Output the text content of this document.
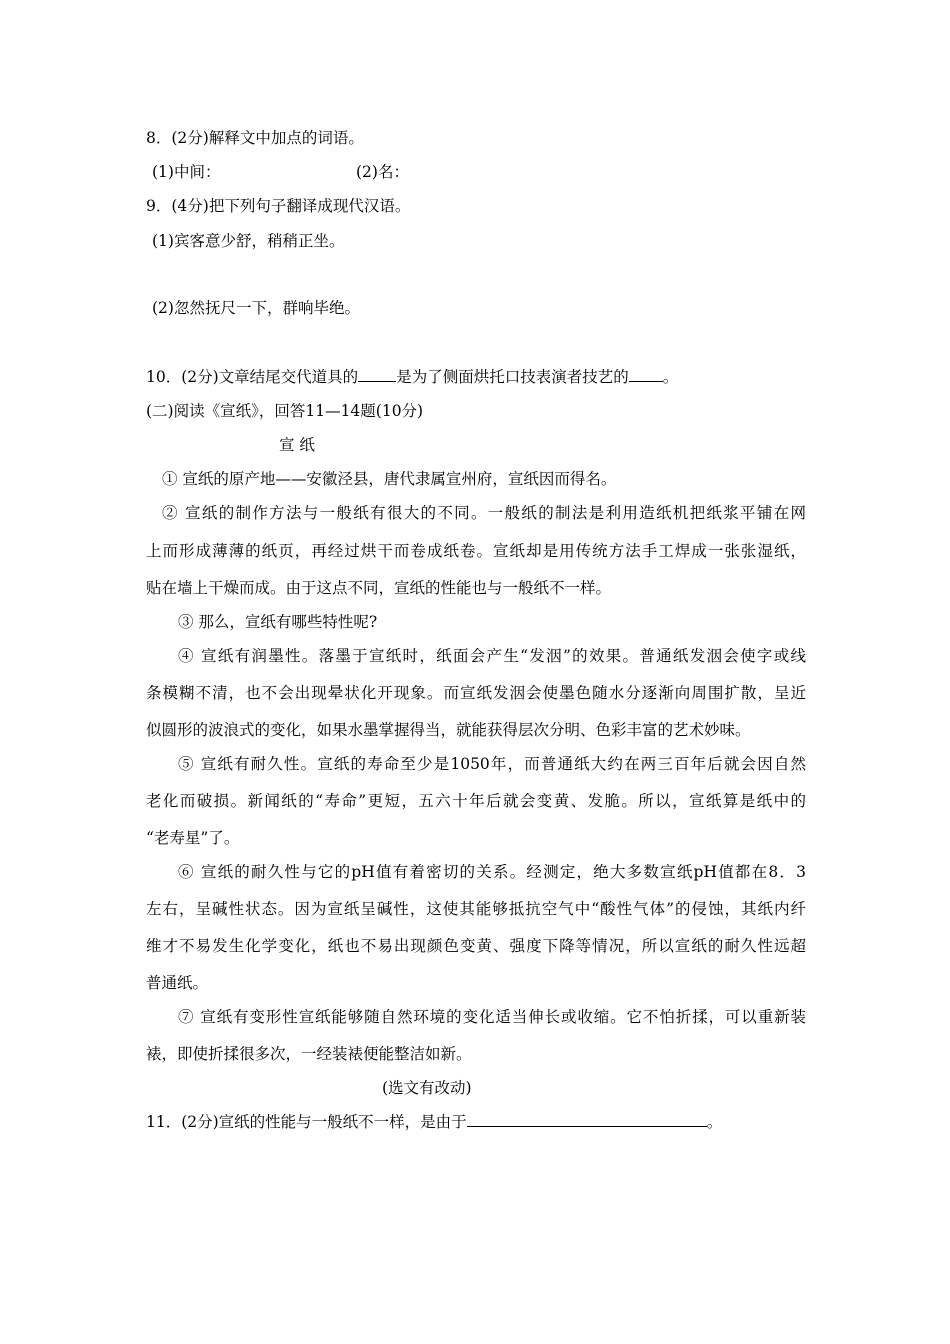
8．(2分)解释文中加点的词语。
(1)中间：	(2)名：
9．(4分)把下列句子翻译成现代汉语。
(1)宾客意少舒，稍稍正坐。
(2)忽然抚尺一下，群响毕绝。
10．(2分)文章结尾交代道具的 是为了侧面烘托口技表演者技艺的 。
(二)阅读《宣纸》，回答11—14题(10分)
宣 纸
① 宣纸的原产地——安徽泾县，唐代隶属宣州府，宣纸因而得名。
② 宣纸的制作方法与一般纸有很大的不同。一般纸的制法是利用造纸机把纸浆平铺在网
上而形成薄薄的纸页，再经过烘干而卷成纸卷。宣纸却是用传统方法手工焊成一张张湿纸，
贴在墙上干燥而成。由于这点不同，宣纸的性能也与一般纸不一样。
③ 那么，宣纸有哪些特性呢?
④ 宣纸有润墨性。落墨于宣纸时，纸面会产生“发洇”的效果。普通纸发洇会使字或线
条模糊不清，也不会出现晕状化开现象。而宣纸发洇会使墨色随水分逐渐向周围扩散，呈近
似圆形的波浪式的变化，如果水墨掌握得当，就能获得层次分明、色彩丰富的艺术妙味。
⑤ 宣纸有耐久性。宣纸的寿命至少是1050年，而普通纸大约在两三百年后就会因自然
老化而破损。新闻纸的“寿命”更短，五六十年后就会变黄、发脆。所以，宣纸算是纸中的
“老寿星”了。
⑥ 宣纸的耐久性与它的pH值有着密切的关系。经测定，绝大多数宣纸pH值都在8．3
左右，呈碱性状态。因为宣纸呈碱性，这使其能够抵抗空气中“酸性气体”的侵蚀，其纸内纤
维才不易发生化学变化，纸也不易出现颜色变黄、强度下降等情况，所以宣纸的耐久性远超
普通纸。
⑦ 宣纸有变形性宣纸能够随自然环境的变化适当伸长或收缩。它不怕折揉，可以重新装
裱，即使折揉很多次，一经装裱便能整洁如新。
(选文有改动)
11．(2分)宣纸的性能与一般纸不一样，是由于	。
